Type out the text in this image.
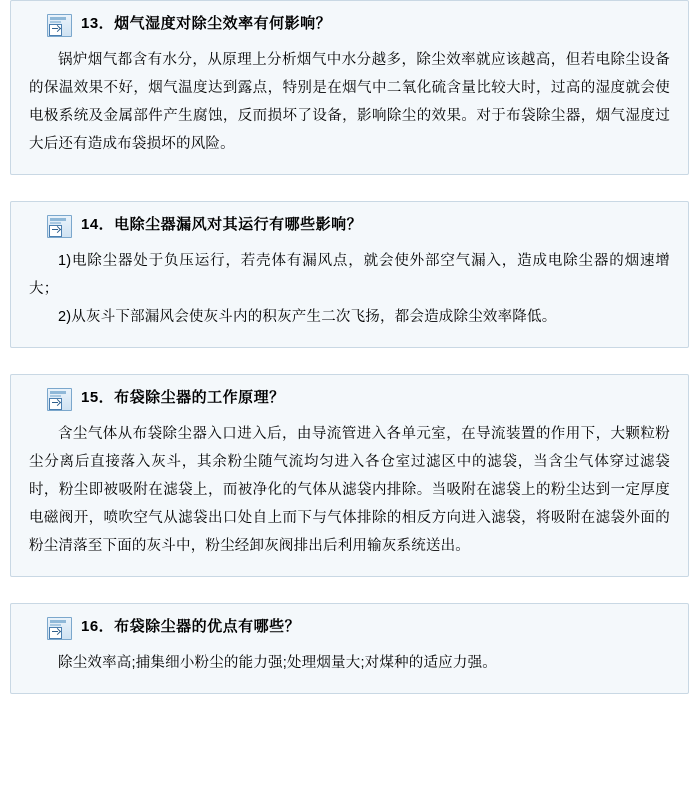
13．烟气湿度对除尘效率有何影响？

锅炉烟气都含有水分，从原理上分析烟气中水分越多，除尘效率就应该越高，但若电除尘设备的保温效果不好，烟气温度达到露点，特别是在烟气中二氧化硫含量比较大时，过高的湿度就会使电极系统及金属部件产生腐蚀，反而损坏了设备，影响除尘的效果。对于布袋除尘器，烟气湿度过大后还有造成布袋损坏的风险。

14．电除尘器漏风对其运行有哪些影响？

1)电除尘器处于负压运行，若壳体有漏风点，就会使外部空气漏入，造成电除尘器的烟速增大；

2)从灰斗下部漏风会使灰斗内的积灰产生二次飞扬，都会造成除尘效率降低。

15．布袋除尘器的工作原理？

含尘气体从布袋除尘器入口进入后，由导流管进入各单元室，在导流装置的作用下，大颗粒粉尘分离后直接落入灰斗，其余粉尘随气流均匀进入各仓室过滤区中的滤袋，当含尘气体穿过滤袋时，粉尘即被吸附在滤袋上，而被净化的气体从滤袋内排除。当吸附在滤袋上的粉尘达到一定厚度电磁阀开，喷吹空气从滤袋出口处自上而下与气体排除的相反方向进入滤袋，将吸附在滤袋外面的粉尘清落至下面的灰斗中，粉尘经卸灰阀排出后利用输灰系统送出。

16．布袋除尘器的优点有哪些？

除尘效率高;捕集细小粉尘的能力强;处理烟量大;对煤种的适应力强。
